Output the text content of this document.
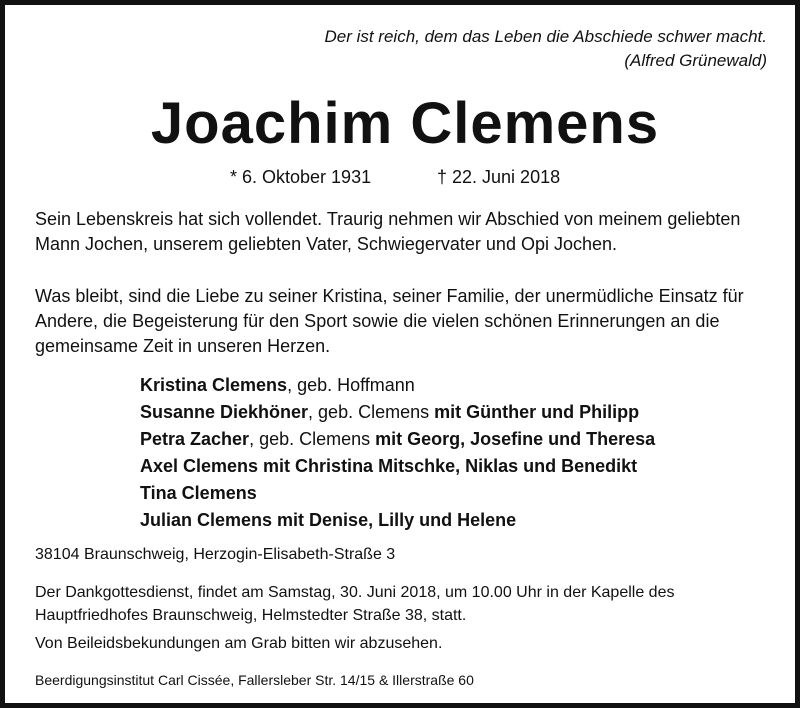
Der ist reich, dem das Leben die Abschiede schwer macht.
(Alfred Grünewald)
Joachim Clemens
* 6. Oktober 1931	† 22. Juni 2018
Sein Lebenskreis hat sich vollendet. Traurig nehmen wir Abschied von meinem geliebten Mann Jochen, unserem geliebten Vater, Schwiegervater und Opi Jochen.
Was bleibt, sind die Liebe zu seiner Kristina, seiner Familie, der unermüdliche Einsatz für Andere, die Begeisterung für den Sport sowie die vielen schönen Erinnerungen an die gemeinsame Zeit in unseren Herzen.
Kristina Clemens, geb. Hoffmann
Susanne Diekhöner, geb. Clemens mit Günther und Philipp
Petra Zacher, geb. Clemens mit Georg, Josefine und Theresa
Axel Clemens mit Christina Mitschke, Niklas und Benedikt
Tina Clemens
Julian Clemens mit Denise, Lilly und Helene
38104 Braunschweig, Herzogin-Elisabeth-Straße 3
Der Dankgottesdienst, findet am Samstag, 30. Juni 2018, um 10.00 Uhr in der Kapelle des Hauptfriedhofes Braunschweig, Helmstedter Straße 38, statt.
Von Beileidsbekundungen am Grab bitten wir abzusehen.
Beerdigungsinstitut Carl Cissée, Fallersleber Str. 14/15 & Illerstraße 60
